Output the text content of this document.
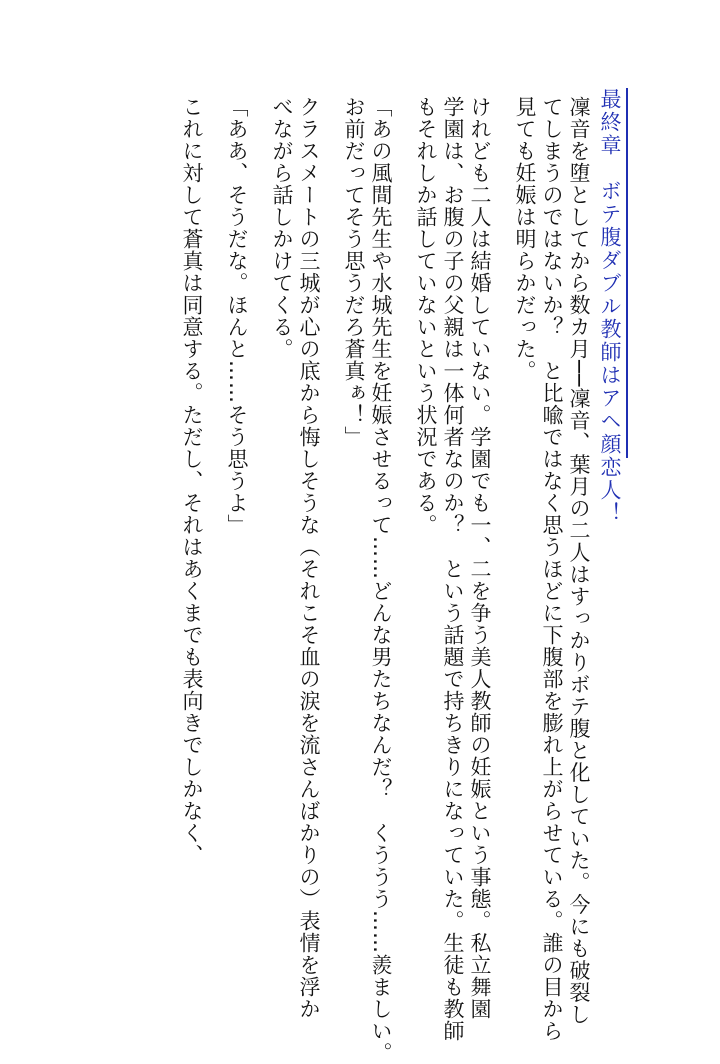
最終章　ボテ腹ダブル教師はアヘ顔恋人！
凜音を堕としてから数カ月──凜音、葉月の二人はすっかりボテ腹と化していた。今にも破裂し
てしまうのではないか？　と比喩ではなく思うほどに下腹部を膨れ上がらせている。誰の目から
見ても妊娠は明らかだった。
けれども二人は結婚していない。学園でも一、二を争う美人教師の妊娠という事態。私立舞園
学園は、お腹の子の父親は一体何者なのか？　という話題で持ちきりになっていた。生徒も教師
もそれしか話していないという状況である。
「あの風間先生や水城先生を妊娠させるって……どんな男たちなんだ？　くううう……羨ましい。
お前だってそう思うだろ蒼真ぁ！」
クラスメートの三城が心の底から悔しそうな（それこそ血の涙を流さんばかりの）表情を浮か
べながら話しかけてくる。
「ああ、そうだな。ほんと……そう思うよ」
これに対して蒼真は同意する。ただし、それはあくまでも表向きでしかなく、
